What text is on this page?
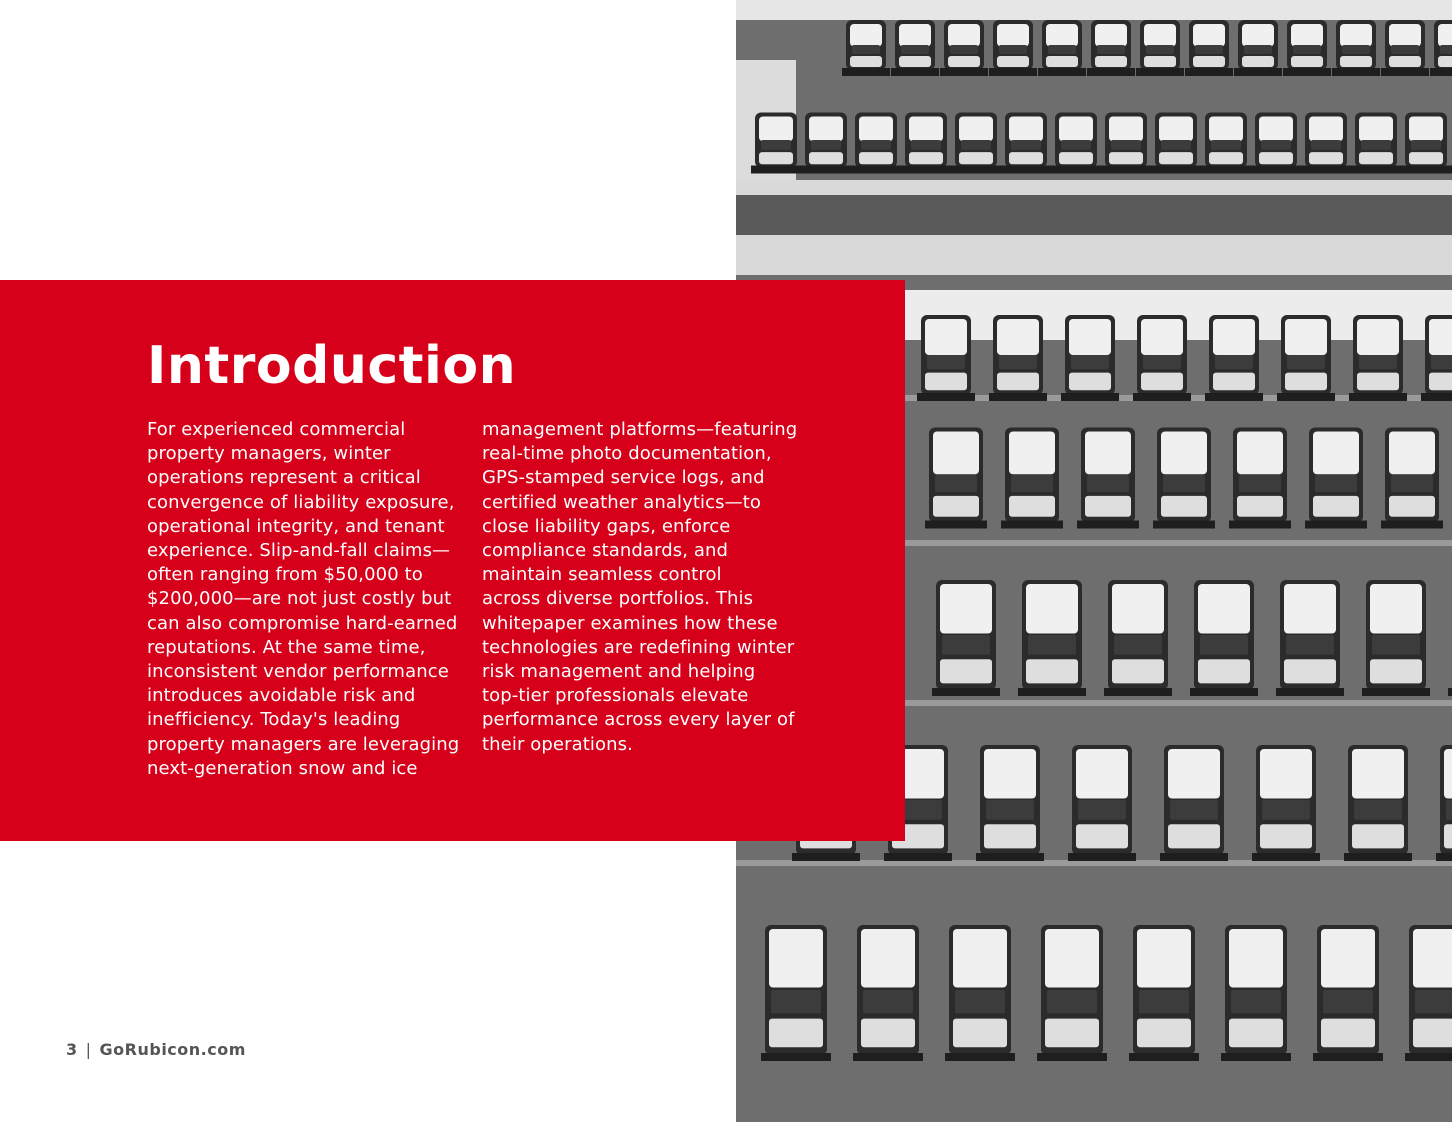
Introduction

For experienced commercial
property managers, winter
operations represent a critical
convergence of liability exposure,
operational integrity, and tenant
experience. Slip-and-fall claims—
often ranging from $50,000 to
$200,000—are not just costly but
can also compromise hard-earned
reputations. At the same time,
inconsistent vendor performance
introduces avoidable risk and
inefficiency. Today's leading
property managers are leveraging
next-generation snow and ice

management platforms—featuring
real-time photo documentation,
GPS-stamped service logs, and
certified weather analytics—to
close liability gaps, enforce
compliance standards, and
maintain seamless control
across diverse portfolios. This
whitepaper examines how these
technologies are redefining winter
risk management and helping
top-tier professionals elevate
performance across every layer of
their operations.

3 | GoRubicon.com
